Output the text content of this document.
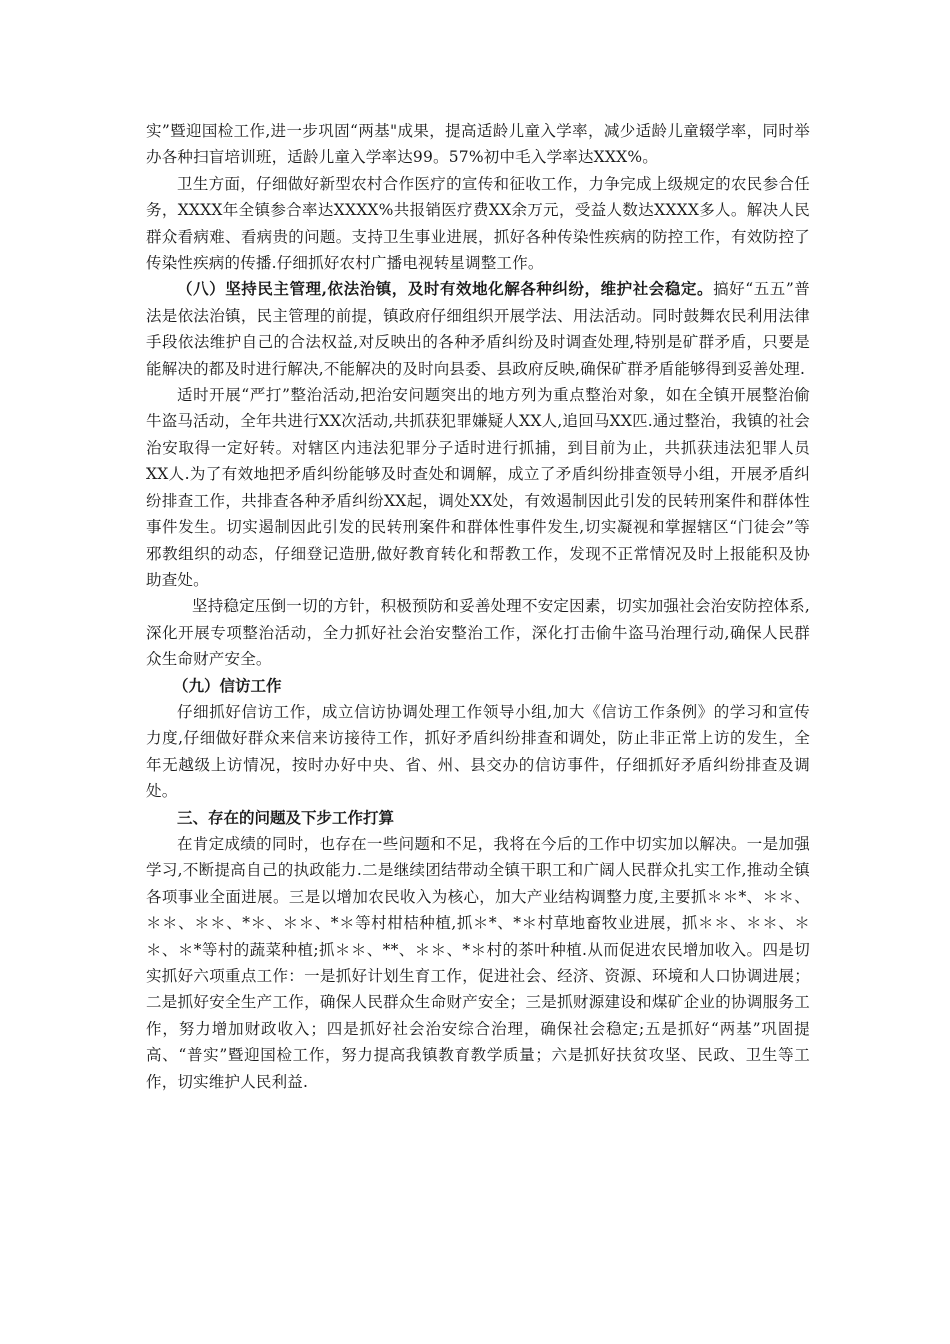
实”暨迎国检工作,进一步巩固“两基"成果，提高适龄儿童入学率，减少适龄儿童辍学率，同时举办各种扫盲培训班，适龄儿童入学率达99。57%初中毛入学率达XXX%。

卫生方面，仔细做好新型农村合作医疗的宣传和征收工作，力争完成上级规定的农民参合任务，XXXX年全镇参合率达XXXX%共报销医疗费XX余万元，受益人数达XXXX多人。解决人民群众看病难、看病贵的问题。支持卫生事业进展，抓好各种传染性疾病的防控工作，有效防控了传染性疾病的传播.仔细抓好农村广播电视转星调整工作。

（八）坚持民主管理,依法治镇，及时有效地化解各种纠纷，维护社会稳定。搞好“五五”普法是依法治镇，民主管理的前提，镇政府仔细组织开展学法、用法活动。同时鼓舞农民利用法律手段依法维护自己的合法权益,对反映出的各种矛盾纠纷及时调查处理,特别是矿群矛盾，只要是能解决的都及时进行解决,不能解决的及时向县委、县政府反映,确保矿群矛盾能够得到妥善处理.

适时开展“严打”整治活动,把治安问题突出的地方列为重点整治对象，如在全镇开展整治偷牛盗马活动，全年共进行XX次活动,共抓获犯罪嫌疑人XX人,追回马XX匹.通过整治，我镇的社会治安取得一定好转。对辖区内违法犯罪分子适时进行抓捕，到目前为止，共抓获违法犯罪人员XX人.为了有效地把矛盾纠纷能够及时查处和调解，成立了矛盾纠纷排查领导小组，开展矛盾纠纷排查工作，共排查各种矛盾纠纷XX起，调处XX处，有效遏制因此引发的民转刑案件和群体性事件发生。切实遏制因此引发的民转刑案件和群体性事件发生,切实凝视和掌握辖区“门徒会”等邪教组织的动态，仔细登记造册,做好教育转化和帮教工作，发现不正常情况及时上报能积及协助查处。

坚持稳定压倒一切的方针，积极预防和妥善处理不安定因素，切实加强社会治安防控体系,深化开展专项整治活动，全力抓好社会治安整治工作，深化打击偷牛盗马治理行动,确保人民群众生命财产安全。

（九）信访工作

仔细抓好信访工作，成立信访协调处理工作领导小组,加大《信访工作条例》的学习和宣传力度,仔细做好群众来信来访接待工作，抓好矛盾纠纷排查和调处，防止非正常上访的发生，全年无越级上访情况，按时办好中央、省、州、县交办的信访事件，仔细抓好矛盾纠纷排查及调处。

三、存在的问题及下步工作打算

在肯定成绩的同时，也存在一些问题和不足，我将在今后的工作中切实加以解决。一是加强学习,不断提高自己的执政能力.二是继续团结带动全镇干职工和广阔人民群众扎实工作,推动全镇各项事业全面进展。三是以增加农民收入为核心，加大产业结构调整力度,主要抓＊＊*、＊＊、＊＊、＊＊、*＊、＊＊、*＊等村柑桔种植,抓＊*、*＊村草地畜牧业进展，抓＊＊、＊＊、＊＊、＊*等村的蔬菜种植;抓＊＊、**、＊＊、*＊村的茶叶种植.从而促进农民增加收入。四是切实抓好六项重点工作：一是抓好计划生育工作，促进社会、经济、资源、环境和人口协调进展；二是抓好安全生产工作，确保人民群众生命财产安全；三是抓财源建设和煤矿企业的协调服务工作，努力增加财政收入；四是抓好社会治安综合治理，确保社会稳定;五是抓好“两基”巩固提高、“普实”暨迎国检工作，努力提高我镇教育教学质量；六是抓好扶贫攻坚、民政、卫生等工作，切实维护人民利益.
